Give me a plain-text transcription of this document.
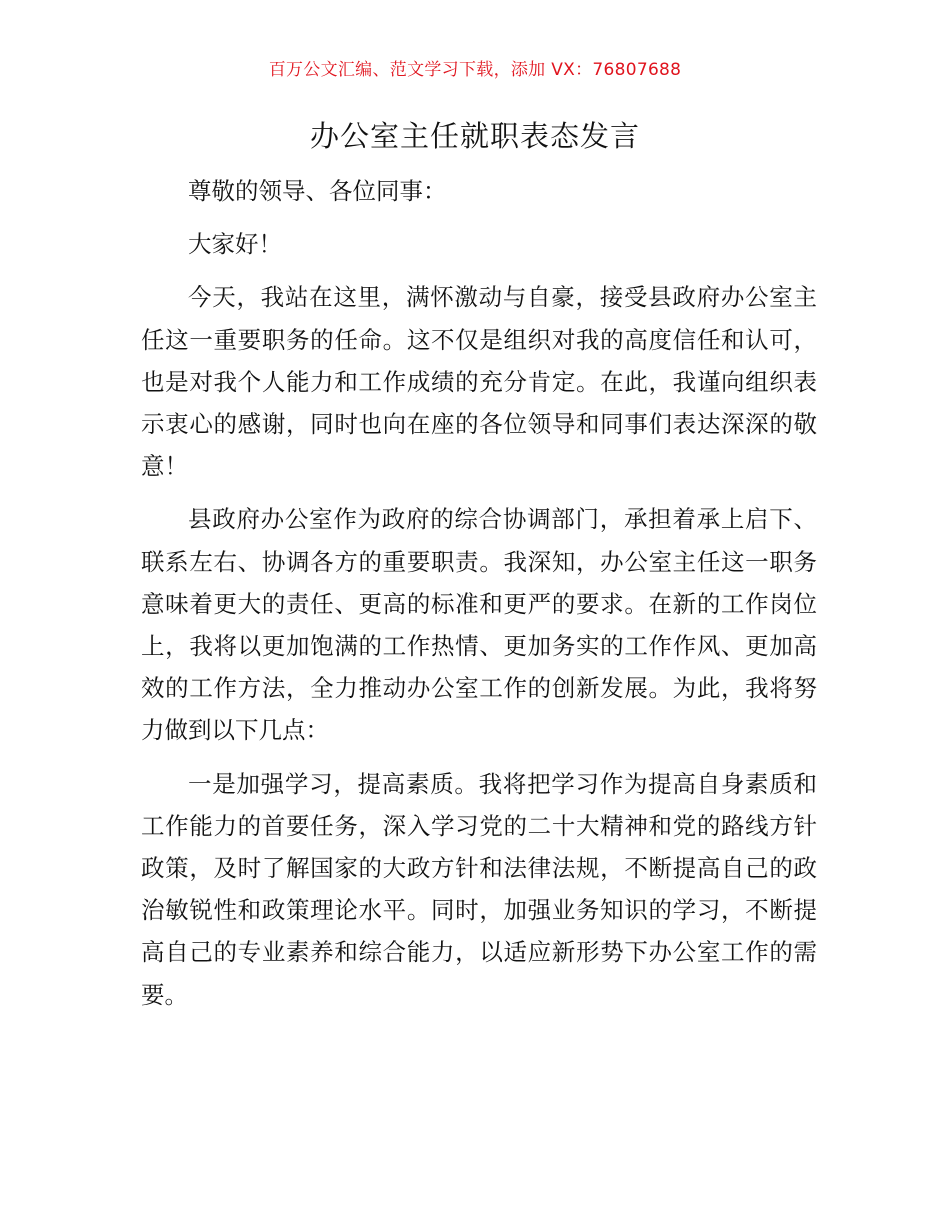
百万公文汇编、范文学习下载，添加 VX：76807688
办公室主任就职表态发言

尊敬的领导、各位同事：

大家好！

今天，我站在这里，满怀激动与自豪，接受县政府办公室主任这一重要职务的任命。这不仅是组织对我的高度信任和认可，也是对我个人能力和工作成绩的充分肯定。在此，我谨向组织表示衷心的感谢，同时也向在座的各位领导和同事们表达深深的敬意！

县政府办公室作为政府的综合协调部门，承担着承上启下、联系左右、协调各方的重要职责。我深知，办公室主任这一职务意味着更大的责任、更高的标准和更严的要求。在新的工作岗位上，我将以更加饱满的工作热情、更加务实的工作作风、更加高效的工作方法，全力推动办公室工作的创新发展。为此，我将努力做到以下几点：

一是加强学习，提高素质。我将把学习作为提高自身素质和工作能力的首要任务，深入学习党的二十大精神和党的路线方针政策，及时了解国家的大政方针和法律法规，不断提高自己的政治敏锐性和政策理论水平。同时，加强业务知识的学习，不断提高自己的专业素养和综合能力，以适应新形势下办公室工作的需要。
